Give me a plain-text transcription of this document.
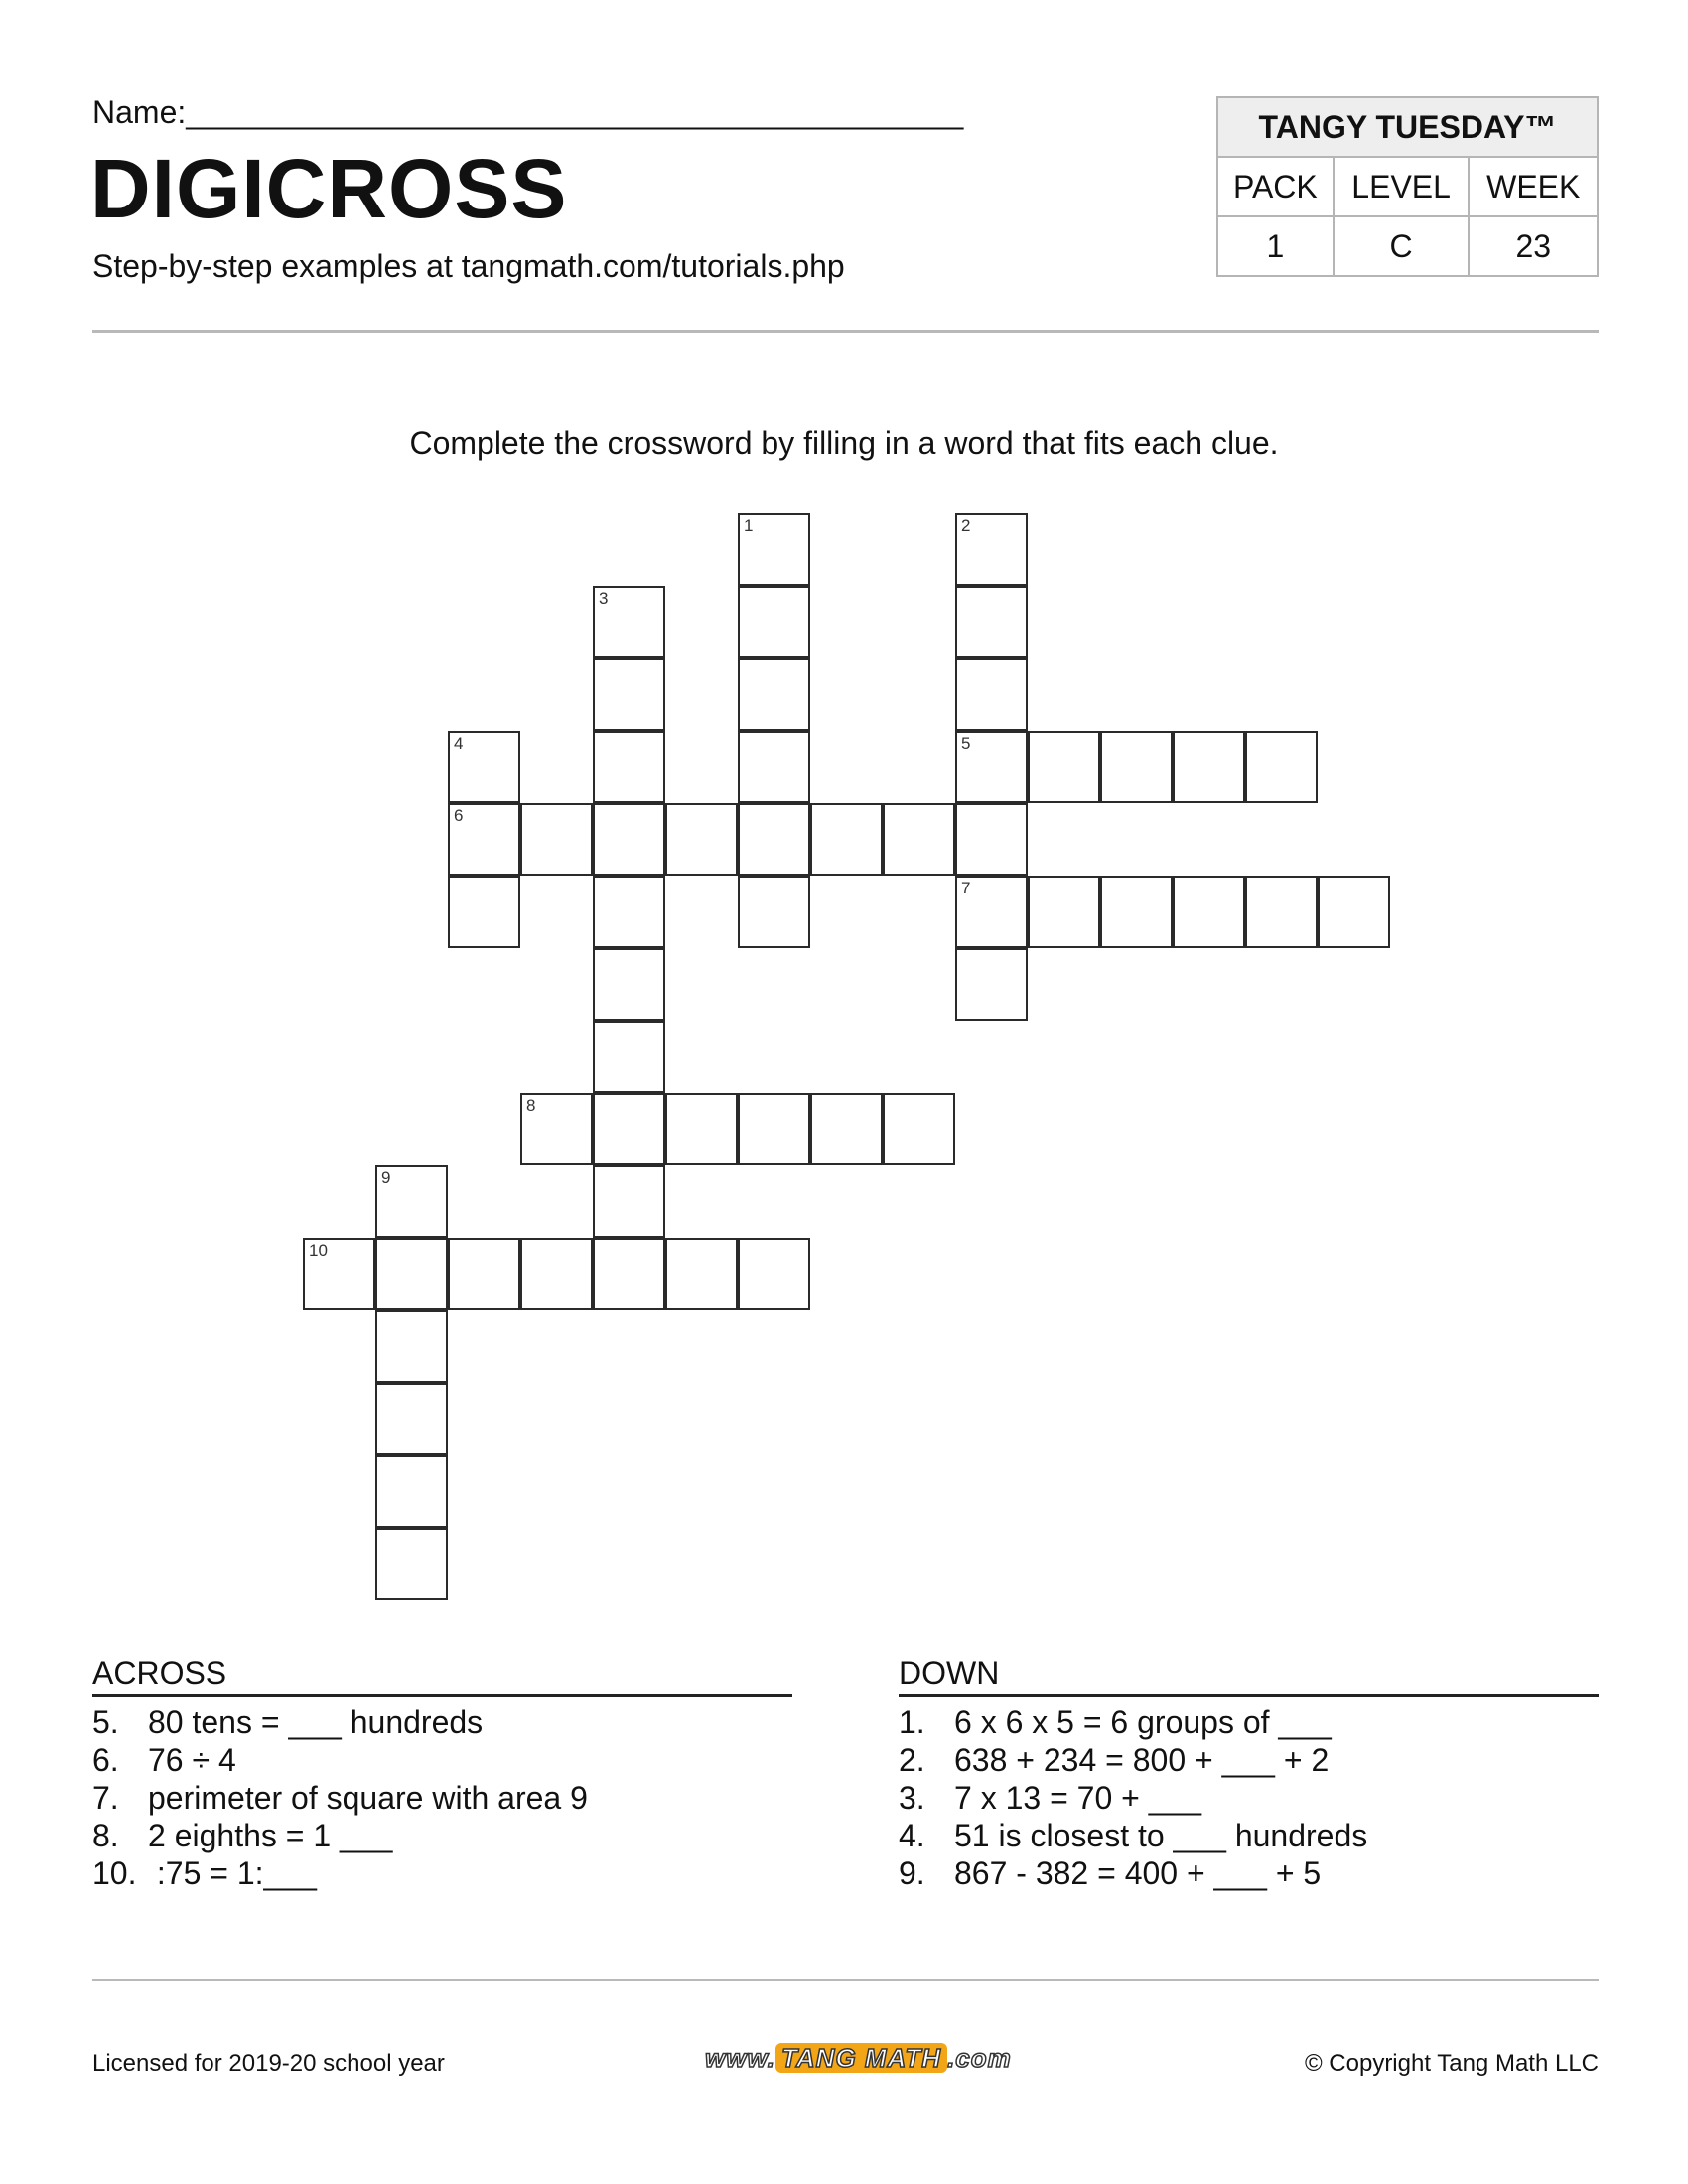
Name:____________________________________________
DIGICROSS
Step-by-step examples at tangmath.com/tutorials.php
TANGY TUESDAY™		
PACK	LEVEL	WEEK
1	C	23
Complete the crossword by filling in a word that fits each clue.
1	2
5
7
3
4
6
8
9
10
ACROSS	DOWN
5. 80 tens = ___ hundreds
6. 76 ÷ 4
7. perimeter of square with area 9
8. 2 eighths = 1 ___
10. :75 = 1:___
1. 6 x 6 x 5 = 6 groups of ___
2. 638 + 234 = 800 + ___ + 2
3. 7 x 13 = 70 + ___
4. 51 is closest to ___ hundreds
9. 867 - 382 = 400 + ___ + 5
Licensed for 2019-20 school year	www. TANG MATH .com	© Copyright Tang Math LLC
